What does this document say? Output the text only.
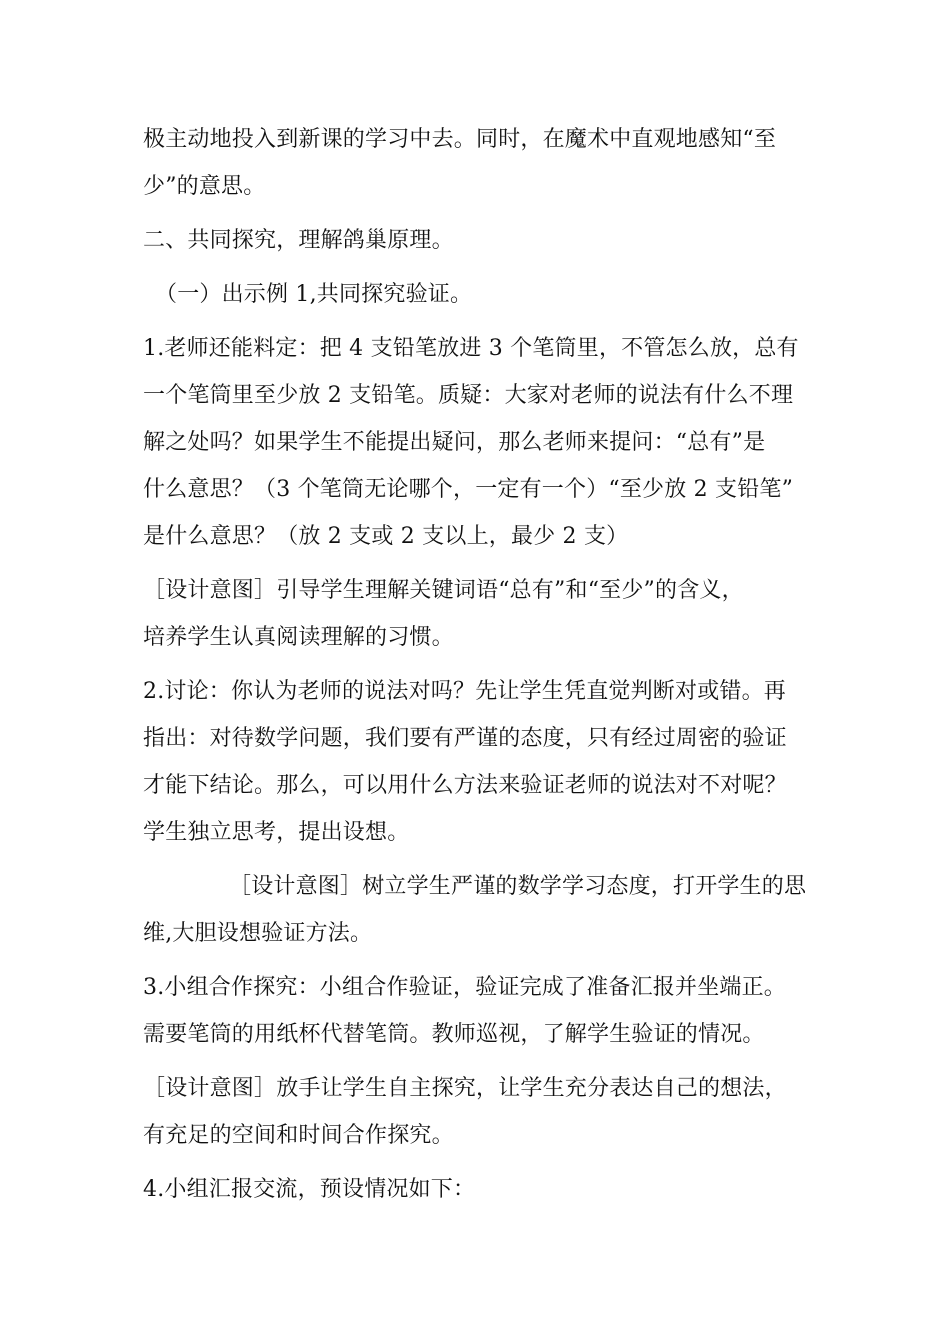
极主动地投入到新课的学习中去。同时，在魔术中直观地感知“至
少”的意思。
二、共同探究，理解鸽巢原理。
（一）出示例 1,共同探究验证。
1.老师还能料定：把 4 支铅笔放进 3 个笔筒里，不管怎么放，总有
一个笔筒里至少放 2 支铅笔。质疑：大家对老师的说法有什么不理
解之处吗？如果学生不能提出疑问，那么老师来提问：“总有”是
什么意思？（3 个笔筒无论哪个，一定有一个）“至少放 2 支铅笔”
是什么意思？（放 2 支或 2 支以上，最少 2 支）
［设计意图］引导学生理解关键词语“总有”和“至少”的含义，
培养学生认真阅读理解的习惯。
2.讨论：你认为老师的说法对吗？先让学生凭直觉判断对或错。再
指出：对待数学问题，我们要有严谨的态度，只有经过周密的验证
才能下结论。那么，可以用什么方法来验证老师的说法对不对呢？
学生独立思考，提出设想。
［设计意图］树立学生严谨的数学学习态度，打开学生的思
维,大胆设想验证方法。
3.小组合作探究：小组合作验证，验证完成了准备汇报并坐端正。
需要笔筒的用纸杯代替笔筒。教师巡视，了解学生验证的情况。
［设计意图］放手让学生自主探究，让学生充分表达自己的想法，
有充足的空间和时间合作探究。
4.小组汇报交流，预设情况如下：
